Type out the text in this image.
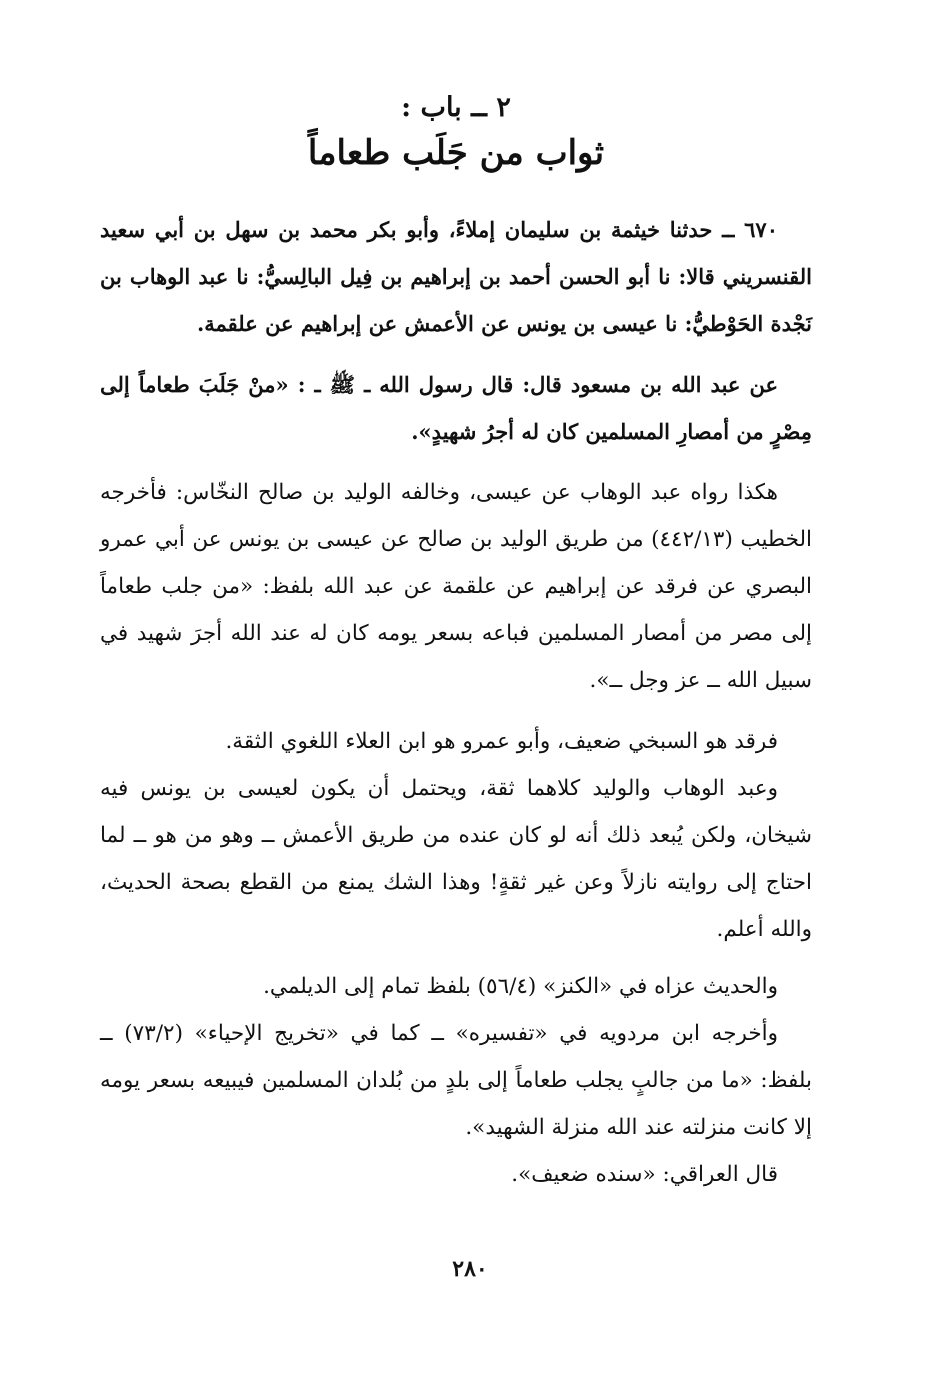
٢ ــ باب :
ثواب من جَلَب طعاماً

٦٧٠ ــ حدثنا خيثمة بن سليمان إملاءً، وأبو بكر محمد بن سهل بن أبي سعيد القنسريني قالا: نا أبو الحسن أحمد بن إبراهيم بن فِيل البالِسيُّ: نا عبد الوهاب بن نَجْدة الحَوْطيُّ: نا عيسى بن يونس عن الأعمش عن إبراهيم عن علقمة.

عن عبد الله بن مسعود قال: قال رسول الله ـ ﷺ ـ : «منْ جَلَبَ طعاماً إلى مِصْرٍ من أمصارِ المسلمين كان له أجرُ شهيدٍ».

هكذا رواه عبد الوهاب عن عيسى، وخالفه الوليد بن صالح النخّاس: فأخرجه الخطيب (٤٤٢/١٣) من طريق الوليد بن صالح عن عيسى بن يونس عن أبي عمرو البصري عن فرقد عن إبراهيم عن علقمة عن عبد الله بلفظ: «من جلب طعاماً إلى مصر من أمصار المسلمين فباعه بسعر يومه كان له عند الله أجرَ شهيد في سبيل الله ــ عز وجل ــ».

فرقد هو السبخي ضعيف، وأبو عمرو هو ابن العلاء اللغوي الثقة.

وعبد الوهاب والوليد كلاهما ثقة، ويحتمل أن يكون لعيسى بن يونس فيه شيخان، ولكن يُبعد ذلك أنه لو كان عنده من طريق الأعمش ــ وهو من هو ــ لما احتاج إلى روايته نازلاً وعن غير ثقةٍ! وهذا الشك يمنع من القطع بصحة الحديث، والله أعلم.

والحديث عزاه في «الكنز» (٥٦/٤) بلفظ تمام إلى الديلمي.

وأخرجه ابن مردويه في «تفسيره» ــ كما في «تخريج الإحياء» (٧٣/٢) ــ بلفظ: «ما من جالبٍ يجلب طعاماً إلى بلدٍ من بُلدان المسلمين فيبيعه بسعر يومه إلا كانت منزلته عند الله منزلة الشهيد».

قال العراقي: «سنده ضعيف».

٢٨٠
